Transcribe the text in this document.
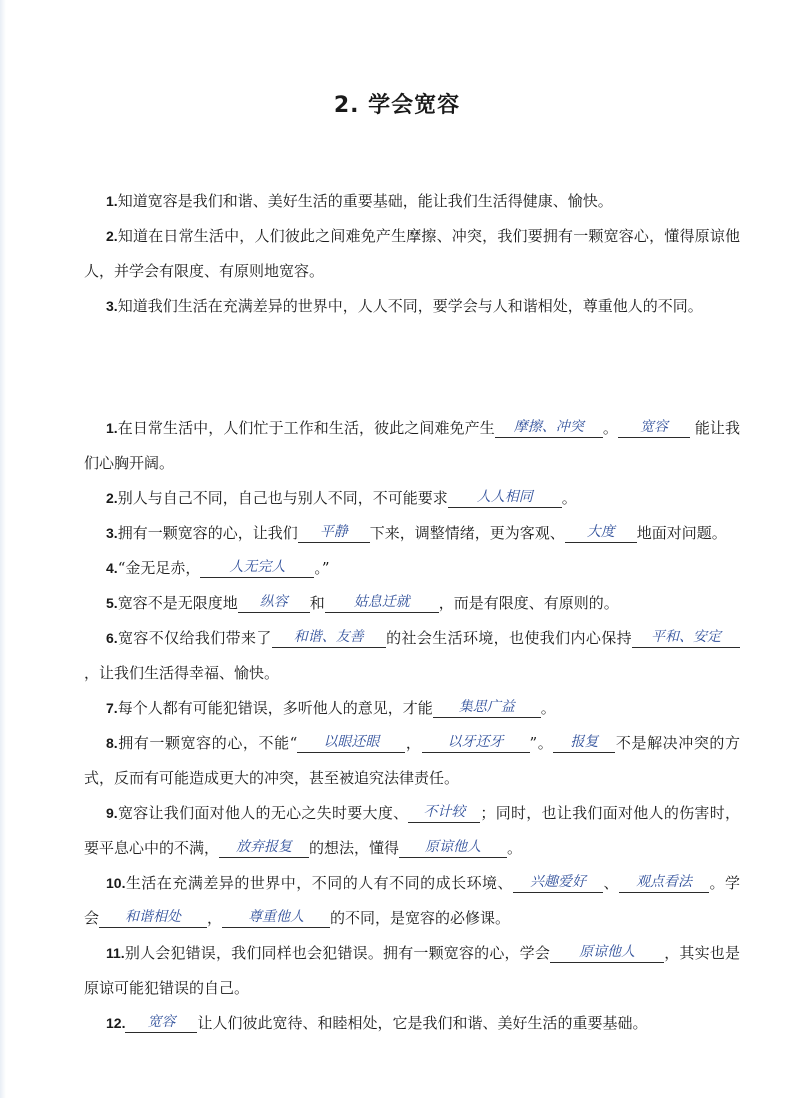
2. 学会宽容

1.知道宽容是我们和谐、美好生活的重要基础，能让我们生活得健康、愉快。

2.知道在日常生活中，人们彼此之间难免产生摩擦、冲突，我们要拥有一颗宽容心，懂得原谅他人，并学会有限度、有原则地宽容。

3.知道我们生活在充满差异的世界中，人人不同，要学会与人和谐相处，尊重他人的不同。

1.在日常生活中，人们忙于工作和生活，彼此之间难免产生 摩擦、冲突 。 宽容 能让我们心胸开阔。

2.别人与自己不同，自己也与别人不同，不可能要求 人人相同 。

3.拥有一颗宽容的心，让我们 平静 下来，调整情绪，更为客观、 大度 地面对问题。

4.“金无足赤， 人无完人 。”

5.宽容不是无限度地 纵容 和 姑息迁就 ，而是有限度、有原则的。

6.宽容不仅给我们带来了 和谐、友善 的社会生活环境，也使我们内心保持 平和、安定，让我们生活得幸福、愉快。

7.每个人都有可能犯错误，多听他人的意见，才能 集思广益 。

8.拥有一颗宽容的心，不能“ 以眼还眼 ， 以牙还牙 ”。 报复 不是解决冲突的方式，反而有可能造成更大的冲突，甚至被追究法律责任。

9.宽容让我们面对他人的无心之失时要大度、 不计较 ；同时，也让我们面对他人的伤害时，要平息心中的不满， 放弃报复 的想法，懂得 原谅他人 。

10.生活在充满差异的世界中，不同的人有不同的成长环境、 兴趣爱好 、 观点看法 。学会 和谐相处 ， 尊重他人 的不同，是宽容的必修课。

11.别人会犯错误，我们同样也会犯错误。拥有一颗宽容的心，学会 原谅他人 ，其实也是原谅可能犯错误的自己。

12. 宽容 让人们彼此宽待、和睦相处，它是我们和谐、美好生活的重要基础。
